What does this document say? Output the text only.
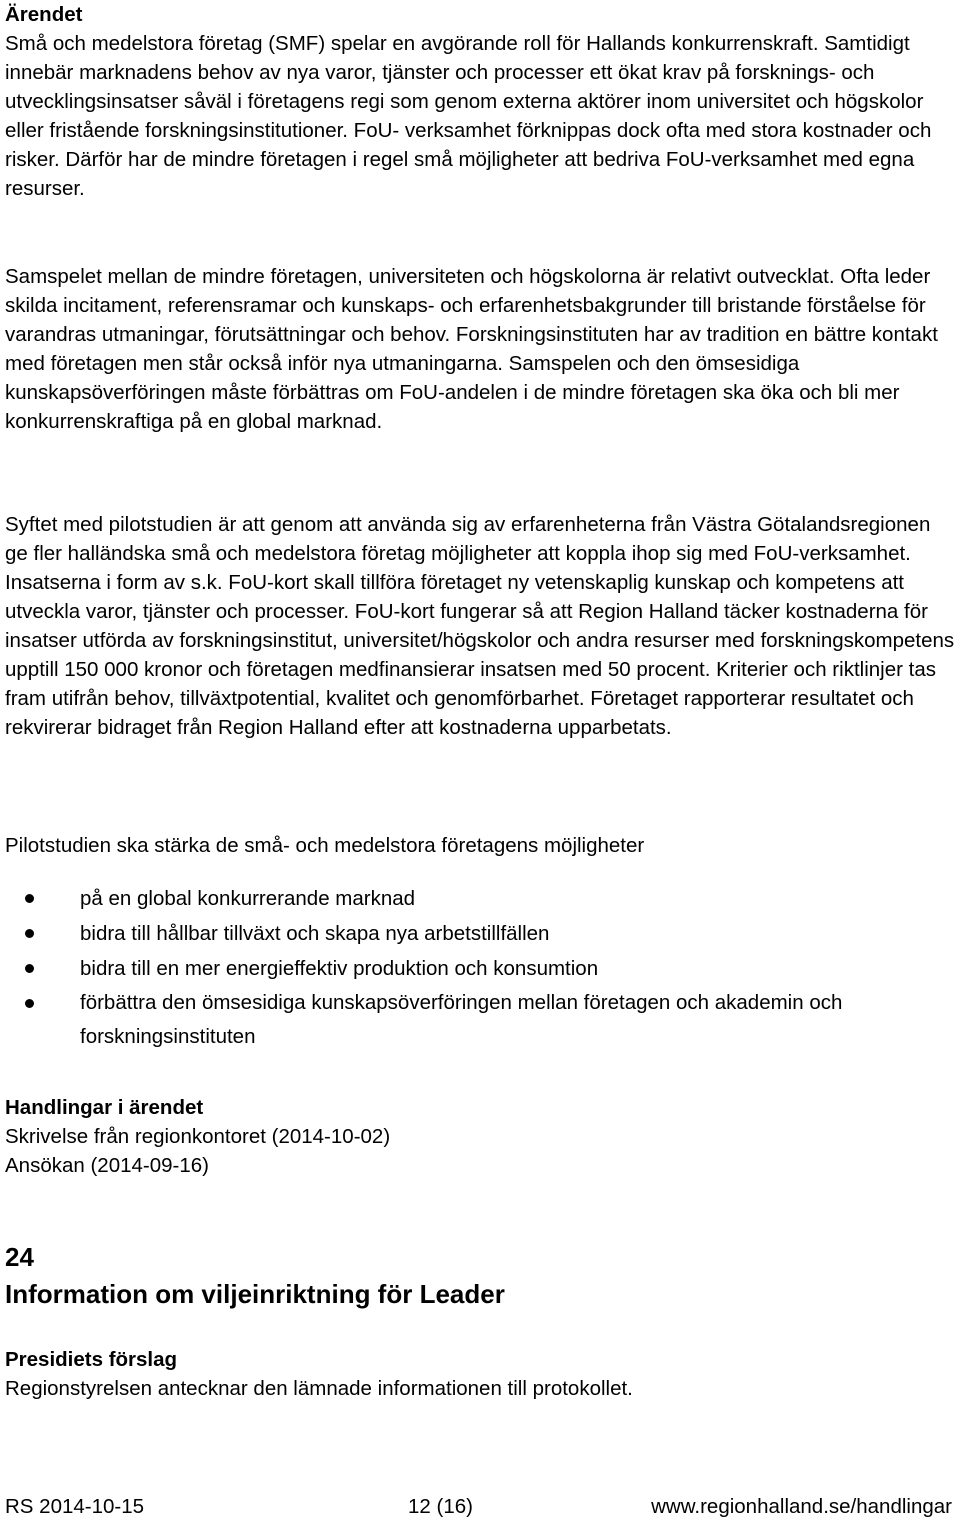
Ärendet

Små och medelstora företag (SMF) spelar en avgörande roll för Hallands konkurrenskraft. Samtidigt innebär marknadens behov av nya varor, tjänster och processer ett ökat krav på forsknings- och utvecklingsinsatser såväl i företagens regi som genom externa aktörer inom universitet och högskolor eller fristående forskningsinstitutioner. FoU- verksamhet förknippas dock ofta med stora kostnader och risker. Därför har de mindre företagen i regel små möjligheter att bedriva FoU-verksamhet med egna resurser.

Samspelet mellan de mindre företagen, universiteten och högskolorna är relativt outvecklat. Ofta leder skilda incitament, referensramar och kunskaps- och erfarenhetsbakgrunder till bristande förståelse för varandras utmaningar, förutsättningar och behov. Forskningsinstituten har av tradition en bättre kontakt med företagen men står också inför nya utmaningarna. Samspelen och den ömsesidiga kunskapsöverföringen måste förbättras om FoU-andelen i de mindre företagen ska öka och bli mer konkurrenskraftiga på en global marknad.

Syftet med pilotstudien är att genom att använda sig av erfarenheterna från Västra Götalandsregionen ge fler halländska små och medelstora företag möjligheter att koppla ihop sig med FoU-verksamhet. Insatserna i form av s.k. FoU-kort skall tillföra företaget ny vetenskaplig kunskap och kompetens att utveckla varor, tjänster och processer. FoU-kort fungerar så att Region Halland täcker kostnaderna för insatser utförda av forskningsinstitut, universitet/högskolor och andra resurser med forskningskompetens upptill 150 000 kronor och företagen medfinansierar insatsen med 50 procent. Kriterier och riktlinjer tas fram utifrån behov, tillväxtpotential, kvalitet och genomförbarhet. Företaget rapporterar resultatet och rekvirerar bidraget från Region Halland efter att kostnaderna upparbetats.

Pilotstudien ska stärka de små- och medelstora företagens möjligheter

på en global konkurrerande marknad
bidra till hållbar tillväxt och skapa nya arbetstillfällen
bidra till en mer energieffektiv produktion och konsumtion
förbättra den ömsesidiga kunskapsöverföringen mellan företagen och akademin och forskningsinstituten
Handlingar i ärendet
Skrivelse från regionkontoret (2014-10-02)
Ansökan (2014-09-16)
24
Information om viljeinriktning för Leader
Presidiets förslag

Regionstyrelsen antecknar den lämnade informationen till protokollet.

RS 2014-10-15	12 (16)	www.regionhalland.se/handlingar
